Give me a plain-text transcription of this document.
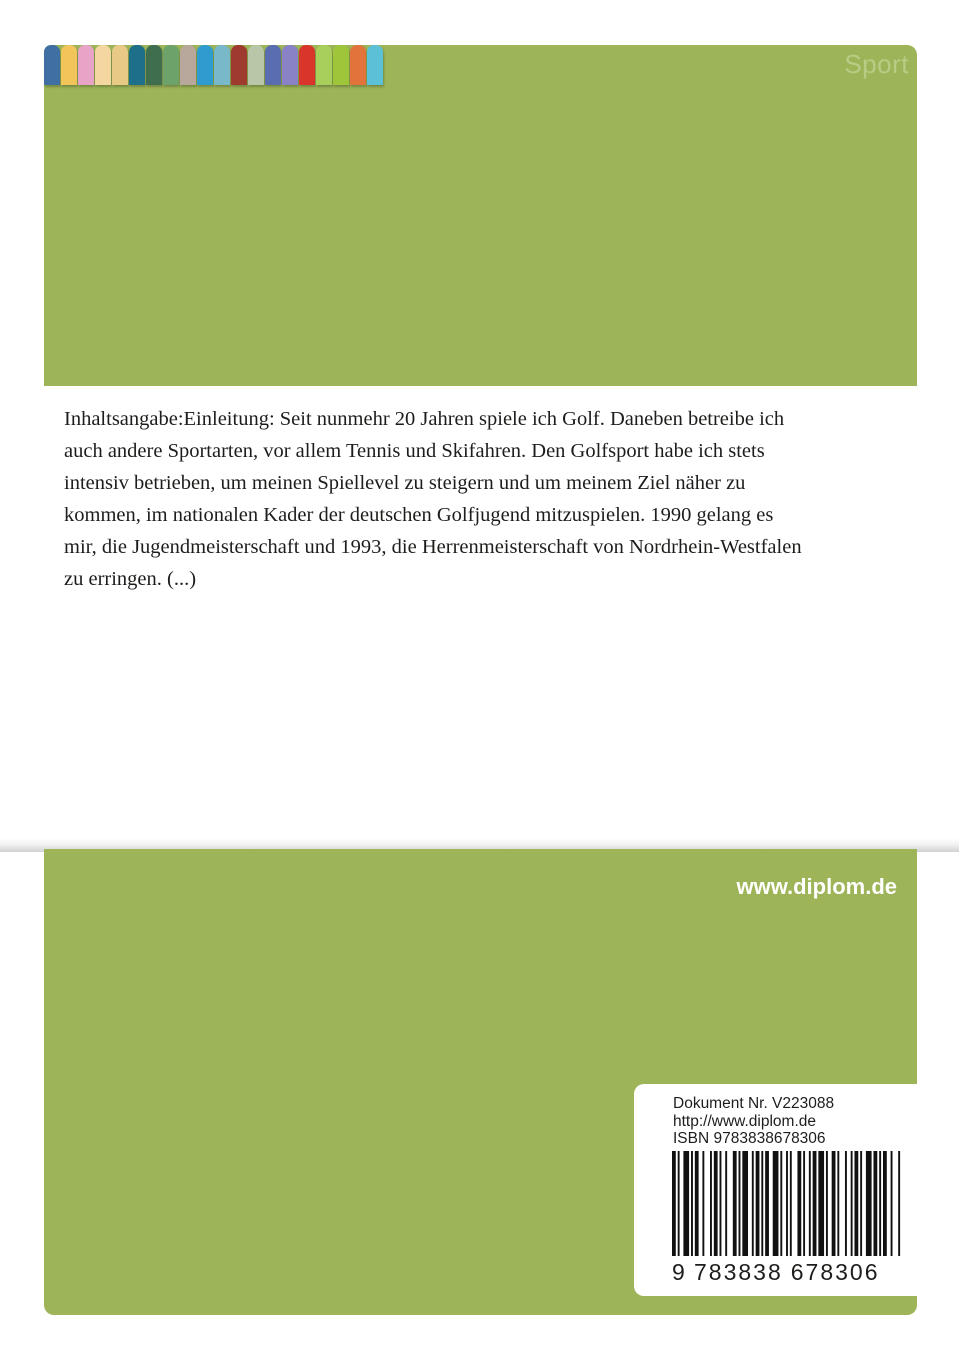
Sport
Inhaltsangabe:Einleitung: Seit nunmehr 20 Jahren spiele ich Golf. Daneben betreibe ich
auch andere Sportarten, vor allem Tennis und Skifahren. Den Golfsport habe ich stets
intensiv betrieben, um meinen Spiellevel zu steigern und um meinem Ziel näher zu
kommen, im nationalen Kader der deutschen Golfjugend mitzuspielen. 1990 gelang es
mir, die Jugendmeisterschaft und 1993, die Herrenmeisterschaft von Nordrhein-Westfalen
zu erringen. (...)
www.diplom.de
Dokument Nr. V223088
http://www.diplom.de
ISBN 9783838678306
9 783838 678306
